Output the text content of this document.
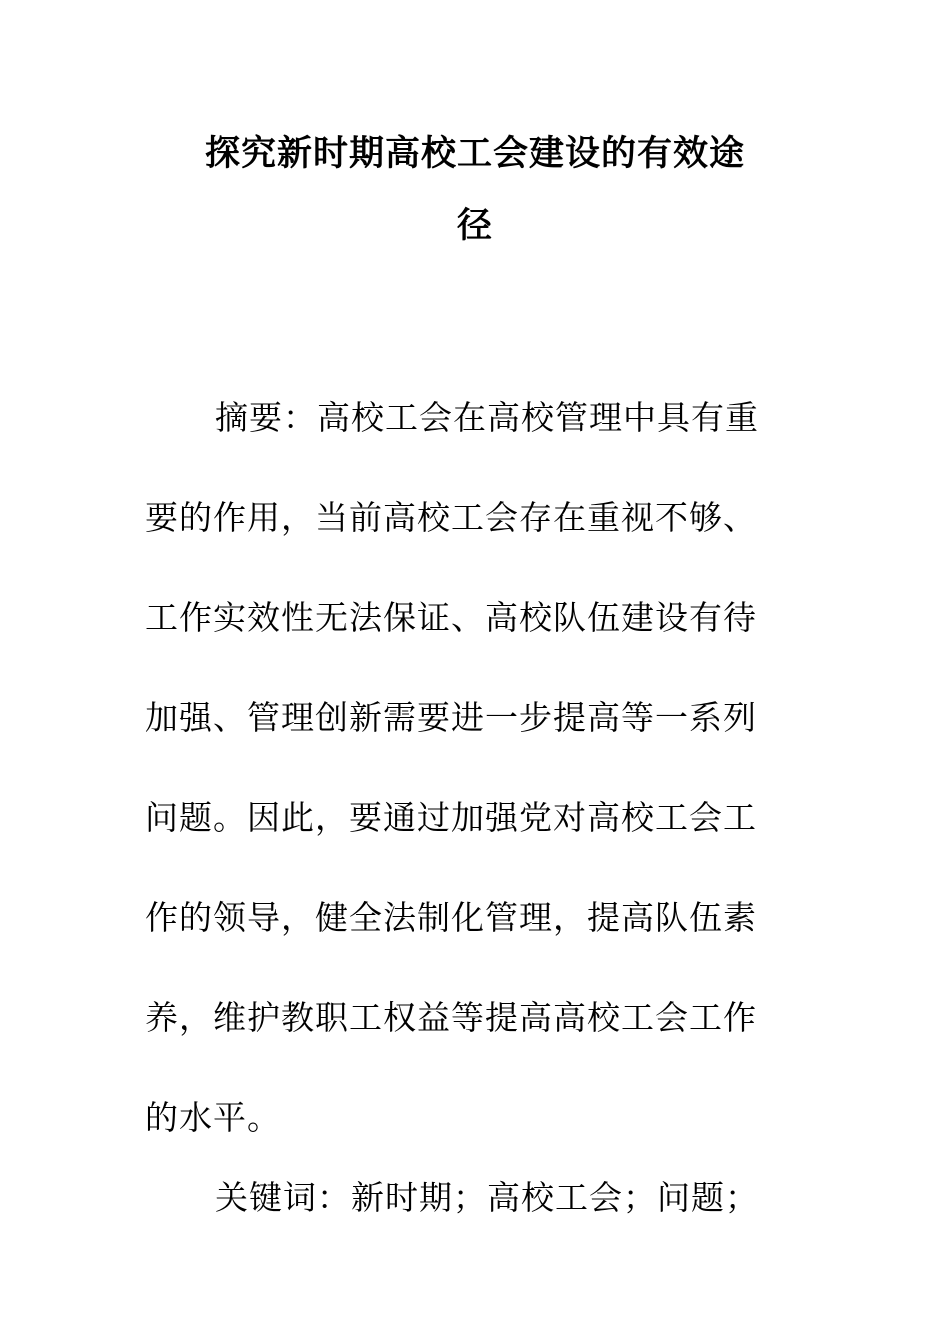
探究新时期高校工会建设的有效途
径
摘要：高校工会在高校管理中具有重
要的作用，当前高校工会存在重视不够、
工作实效性无法保证、高校队伍建设有待
加强、管理创新需要进一步提高等一系列
问题。因此，要通过加强党对高校工会工
作的领导，健全法制化管理，提高队伍素
养，维护教职工权益等提高高校工会工作
的水平。
关键词：新时期；高校工会；问题；
